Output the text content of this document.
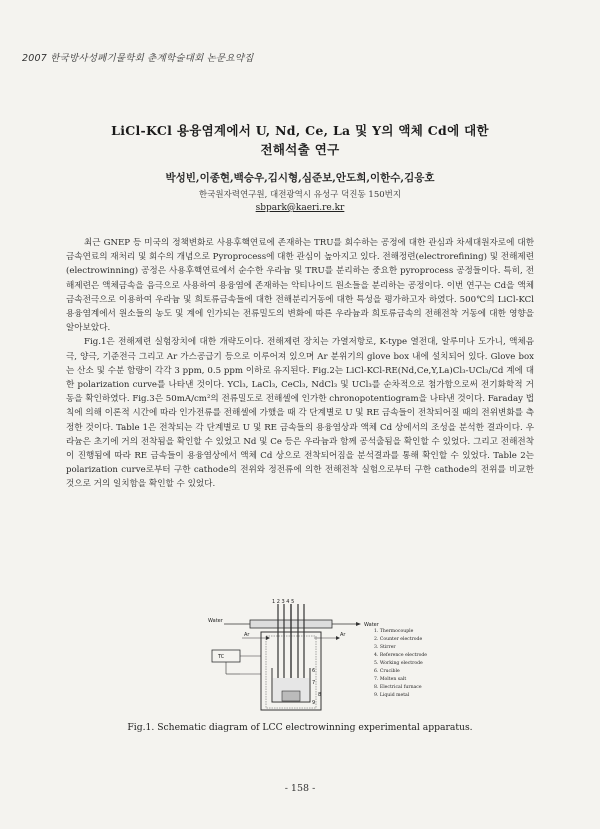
2007 한국방사성폐기물학회 춘계학술대회 논문요약집
LiCl-KCl 용융염계에서 U, Nd, Ce, La 및 Y의 액체 Cd에 대한
전해석출 연구
박성빈,이종현,백승우,김시형,심준보,안도희,이한수,김응호
한국원자력연구원, 대전광역시 유성구 덕진동 150번지
sbpark@kaeri.re.kr

최근 GNEP 등 미국의 정책변화로 사용후핵연료에 존재하는 TRU를 회수하는 공정에 대한 관심과 차세대원자로에 대한 금속연료의 재처리 및 회수의 개념으로 Pyroprocess에 대한 관심이 높아지고 있다. 전해정련(electrorefining) 및 전해제련(electrowinning) 공정은 사용후핵연료에서 순수한 우라늄 및 TRU를 분리하는 중요한 pyroprocess 공정들이다. 특히, 전해제련은 액체금속을 음극으로 사용하여 용융염에 존재하는 악티나이드 원소들을 분리하는 공정이다. 이번 연구는 Cd을 액체금속전극으로 이용하여 우라늄 및 희토류금속들에 대한 전해분리거동에 대한 특성을 평가하고자 하였다. 500℃의 LiCl-KCl 용융염계에서 원소들의 농도 및 계에 인가되는 전류밀도의 변화에 따른 우라늄과 희토류금속의 전해전착 거동에 대한 영향을 알아보았다.

Fig.1은 전해제련 실험장치에 대한 개략도이다. 전해제련 장치는 가열저항로, K-type 열전대, 알루미나 도가니, 액체음극, 양극, 기준전극 그리고 Ar 가스공급기 등으로 이루어져 있으며 Ar 분위기의 glove box 내에 설치되어 있다. Glove box는 산소 및 수분 함량이 각각 3 ppm, 0.5 ppm 이하로 유지된다. Fig.2는 LiCl-KCl-RE(Nd,Ce,Y,La)Cl₃-UCl₃/Cd 계에 대한 polarization curve를 나타낸 것이다. YCl₃, LaCl₃, CeCl₃, NdCl₃ 및 UCl₃를 순차적으로 첨가함으로써 전기화학적 거동을 확인하였다. Fig.3은 50mA/cm²의 전류밀도로 전해셀에 인가한 chronopotentiogram을 나타낸 것이다. Faraday 법칙에 의해 이론적 시간에 따라 인가전류를 전해셀에 가했을 때 각 단계별로 U 및 RE 금속들이 전착되어질 때의 전위변화를 측정한 것이다. Table 1은 전착되는 각 단계별로 U 및 RE 금속들의 용융염상과 액체 Cd 상에서의 조성을 분석한 결과이다. 우라늄은 초기에 거의 전착됨을 확인할 수 있었고 Nd 및 Ce 등은 우라늄과 함께 공석출됨을 확인할 수 있었다. 그리고 전해전착이 진행됨에 따라 RE 금속들이 용융염상에서 액체 Cd 상으로 전착되어짐을 분석결과를 통해 확인할 수 있었다. Table 2는 polarization curve로부터 구한 cathode의 전위와 정전류에 의한 전해전착 실험으로부터 구한 cathode의 전위를 비교한 것으로 거의 일치함을 확인할 수 있었다.

Water
Water
Ar	Ar
TC
1 2 3 4 5
6
7
8
9
1. Thermocouple
2. Counter electrode
3. Stirrer
4. Reference electrode
5. Working electrode
6. Crucible
7. Molten salt
8. Electrical furnace
9. Liquid metal
Fig.1. Schematic diagram of LCC electrowinning experimental apparatus.
- 158 -
